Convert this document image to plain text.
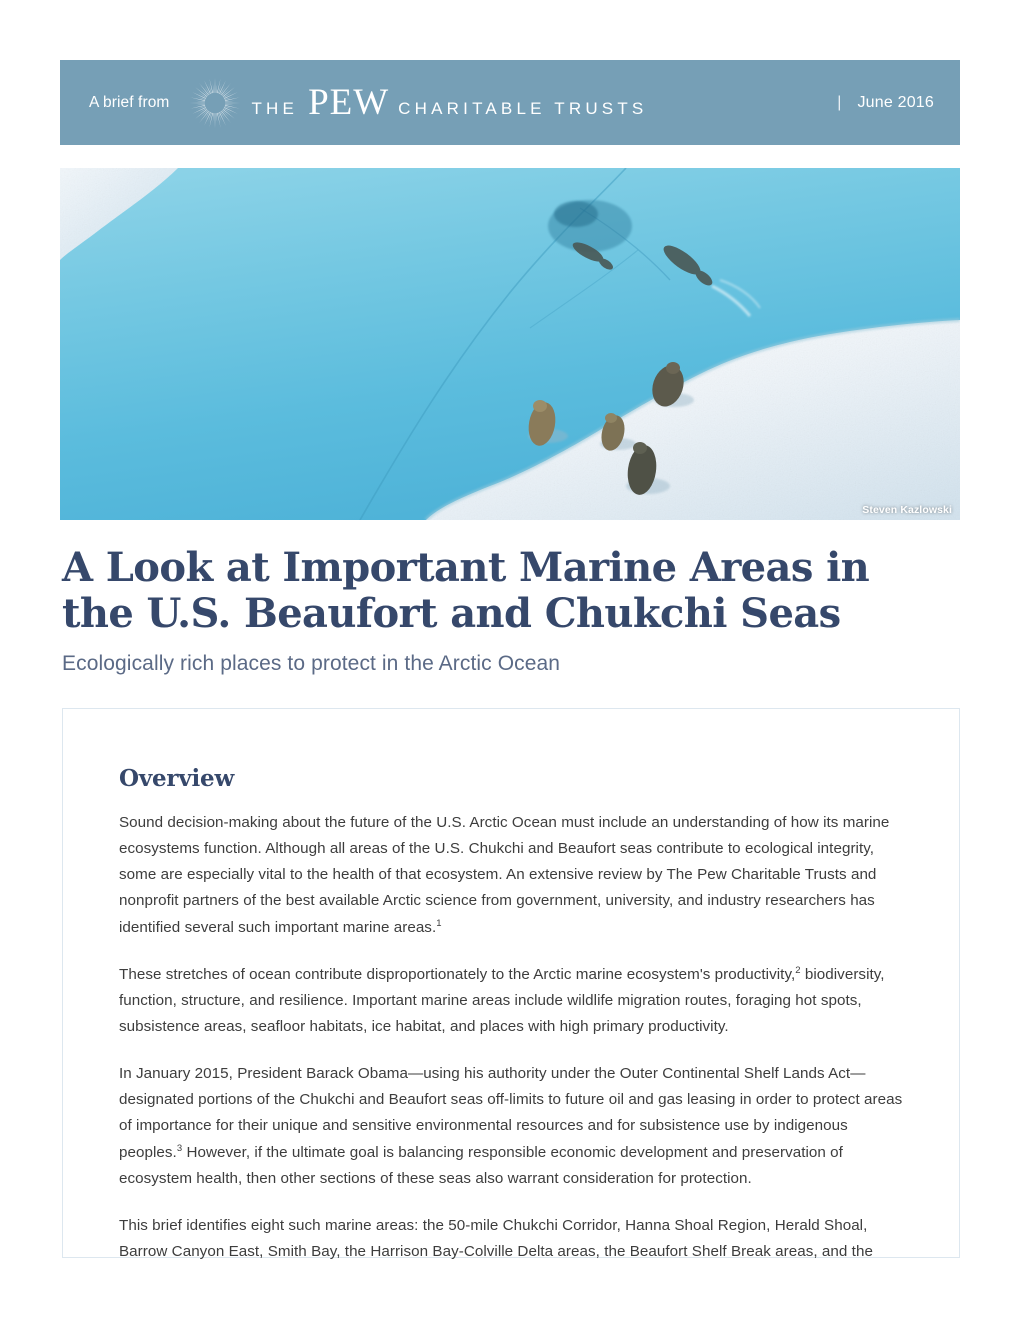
A brief from	THE PEW CHARITABLE TRUSTS	| June 2016
Steven Kazlowski
A Look at Important Marine Areas in
the U.S. Beaufort and Chukchi Seas

Ecologically rich places to protect in the Arctic Ocean

Overview

Sound decision-making about the future of the U.S. Arctic Ocean must include an understanding of how its marine ecosystems function. Although all areas of the U.S. Chukchi and Beaufort seas contribute to ecological integrity, some are especially vital to the health of that ecosystem. An extensive review by The Pew Charitable Trusts and nonprofit partners of the best available Arctic science from government, university, and industry researchers has identified several such important marine areas.$^1$

These stretches of ocean contribute disproportionately to the Arctic marine ecosystem's productivity,$^2$ biodiversity, function, structure, and resilience. Important marine areas include wildlife migration routes, foraging hot spots, subsistence areas, seafloor habitats, ice habitat, and places with high primary productivity.

In January 2015, President Barack Obama—using his authority under the Outer Continental Shelf Lands Act—designated portions of the Chukchi and Beaufort seas off-limits to future oil and gas leasing in order to protect areas of importance for their unique and sensitive environmental resources and for subsistence use by indigenous peoples.$^3$ However, if the ultimate goal is balancing responsible economic development and preservation of ecosystem health, then other sections of these seas also warrant consideration for protection.

This brief identifies eight such marine areas: the 50-mile Chukchi Corridor, Hanna Shoal Region, Herald Shoal, Barrow Canyon East, Smith Bay, the Harrison Bay-Colville Delta areas, the Beaufort Shelf Break areas, and the
